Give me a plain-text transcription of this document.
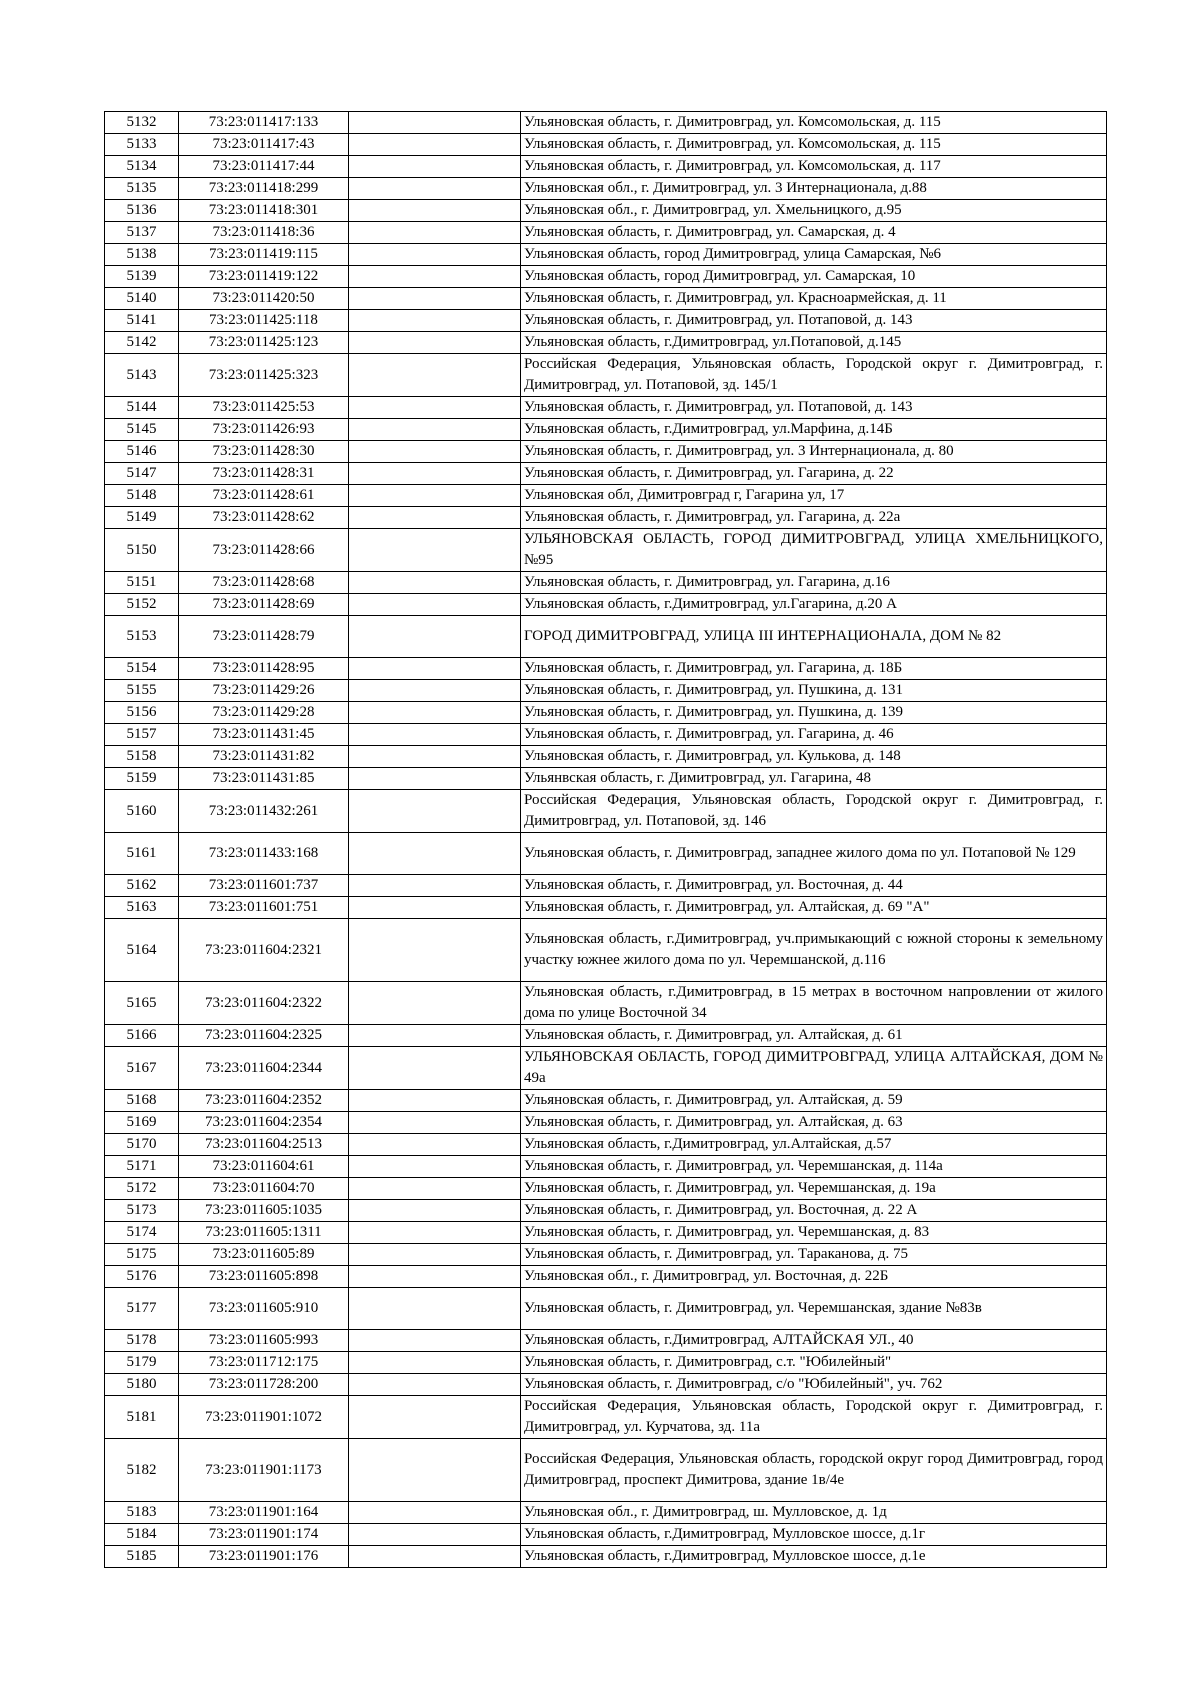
5132	73:23:011417:133		Ульяновская область, г. Димитровград, ул. Комсомольская, д. 115
5133	73:23:011417:43		Ульяновская область, г. Димитровград, ул. Комсомольская, д. 115
5134	73:23:011417:44		Ульяновская область, г. Димитровград, ул. Комсомольская, д. 117
5135	73:23:011418:299		Ульяновская обл., г. Димитровград, ул. 3 Интернационала, д.88
5136	73:23:011418:301		Ульяновская обл., г. Димитровград, ул. Хмельницкого, д.95
5137	73:23:011418:36		Ульяновская область, г. Димитровград, ул. Самарская, д. 4
5138	73:23:011419:115		Ульяновская область, город Димитровград, улица Самарская, №6
5139	73:23:011419:122		Ульяновская область, город Димитровград, ул. Самарская, 10
5140	73:23:011420:50		Ульяновская область, г. Димитровград, ул. Красноармейская, д. 11
5141	73:23:011425:118		Ульяновская область, г. Димитровград, ул. Потаповой, д. 143
5142	73:23:011425:123		Ульяновская область, г.Димитровград, ул.Потаповой, д.145
5143	73:23:011425:323		Российская Федерация, Ульяновская область, Городской округ г. Димитровград, г. Димитровград, ул. Потаповой, зд. 145/1
5144	73:23:011425:53		Ульяновская область, г. Димитровград, ул. Потаповой, д. 143
5145	73:23:011426:93		Ульяновская область, г.Димитровград, ул.Марфина, д.14Б
5146	73:23:011428:30		Ульяновская область, г. Димитровград, ул. 3 Интернационала, д. 80
5147	73:23:011428:31		Ульяновская область, г. Димитровград, ул. Гагарина, д. 22
5148	73:23:011428:61		Ульяновская обл, Димитровград г, Гагарина ул, 17
5149	73:23:011428:62		Ульяновская область, г. Димитровград, ул. Гагарина, д. 22а
5150	73:23:011428:66		УЛЬЯНОВСКАЯ ОБЛАСТЬ, ГОРОД ДИМИТРОВГРАД, УЛИЦА ХМЕЛЬНИЦКОГО, №95
5151	73:23:011428:68		Ульяновская область, г. Димитровград, ул. Гагарина, д.16
5152	73:23:011428:69		Ульяновская область, г.Димитровград, ул.Гагарина, д.20 А
5153	73:23:011428:79		ГОРОД ДИМИТРОВГРАД, УЛИЦА III ИНТЕРНАЦИОНАЛА, ДОМ № 82
5154	73:23:011428:95		Ульяновская область, г. Димитровград, ул. Гагарина, д. 18Б
5155	73:23:011429:26		Ульяновская область, г. Димитровград, ул. Пушкина, д. 131
5156	73:23:011429:28		Ульяновская область, г. Димитровград, ул. Пушкина, д. 139
5157	73:23:011431:45		Ульяновская область, г. Димитровград, ул. Гагарина, д. 46
5158	73:23:011431:82		Ульяновская область, г. Димитровград, ул. Кулькова, д. 148
5159	73:23:011431:85		Ульянвская область, г. Димитровград, ул. Гагарина, 48
5160	73:23:011432:261		Российская Федерация, Ульяновская область, Городской округ г. Димитровград, г. Димитровград, ул. Потаповой, зд. 146
5161	73:23:011433:168		Ульяновская область, г. Димитровград, западнее жилого дома по ул. Потаповой № 129
5162	73:23:011601:737		Ульяновская область, г. Димитровград, ул. Восточная, д. 44
5163	73:23:011601:751		Ульяновская область, г. Димитровград, ул. Алтайская, д. 69 "А"
5164	73:23:011604:2321		Ульяновская область, г.Димитровград, уч.примыкающий с южной стороны к земельному участку южнее жилого дома по ул. Черемшанской, д.116
5165	73:23:011604:2322		Ульяновская область, г.Димитровград, в 15 метрах в восточном напровлении от жилого дома по улице Восточной 34
5166	73:23:011604:2325		Ульяновская область, г. Димитровград, ул. Алтайская, д. 61
5167	73:23:011604:2344		УЛЬЯНОВСКАЯ ОБЛАСТЬ, ГОРОД ДИМИТРОВГРАД, УЛИЦА АЛТАЙСКАЯ, ДОМ № 49а
5168	73:23:011604:2352		Ульяновская область, г. Димитровград, ул. Алтайская, д. 59
5169	73:23:011604:2354		Ульяновская область, г. Димитровград, ул. Алтайская, д. 63
5170	73:23:011604:2513		Ульяновская область, г.Димитровград, ул.Алтайская, д.57
5171	73:23:011604:61		Ульяновская область, г. Димитровград, ул. Черемшанская, д. 114а
5172	73:23:011604:70		Ульяновская область, г. Димитровград, ул. Черемшанская, д. 19а
5173	73:23:011605:1035		Ульяновская область, г. Димитровград, ул. Восточная, д. 22 А
5174	73:23:011605:1311		Ульяновская область, г. Димитровград, ул. Черемшанская, д. 83
5175	73:23:011605:89		Ульяновская область, г. Димитровград, ул. Тараканова, д. 75
5176	73:23:011605:898		Ульяновская обл., г. Димитровград, ул. Восточная, д. 22Б
5177	73:23:011605:910		Ульяновская область, г. Димитровград, ул. Черемшанская, здание №83в
5178	73:23:011605:993		Ульяновская область, г.Димитровград, АЛТАЙСКАЯ УЛ., 40
5179	73:23:011712:175		Ульяновская область, г. Димитровград, с.т. "Юбилейный"
5180	73:23:011728:200		Ульяновская область, г. Димитровград, с/о "Юбилейный", уч. 762
5181	73:23:011901:1072		Российская Федерация, Ульяновская область, Городской округ г. Димитровград, г. Димитровград, ул. Курчатова, зд. 11а
5182	73:23:011901:1173		Российская Федерация, Ульяновская область, городской округ город Димитровград, город Димитровград, проспект Димитрова, здание 1в/4е
5183	73:23:011901:164		Ульяновская обл., г. Димитровград, ш. Мулловское, д. 1д
5184	73:23:011901:174		Ульяновская область, г.Димитровград, Мулловское шоссе, д.1г
5185	73:23:011901:176		Ульяновская область, г.Димитровград, Мулловское шоссе, д.1е
